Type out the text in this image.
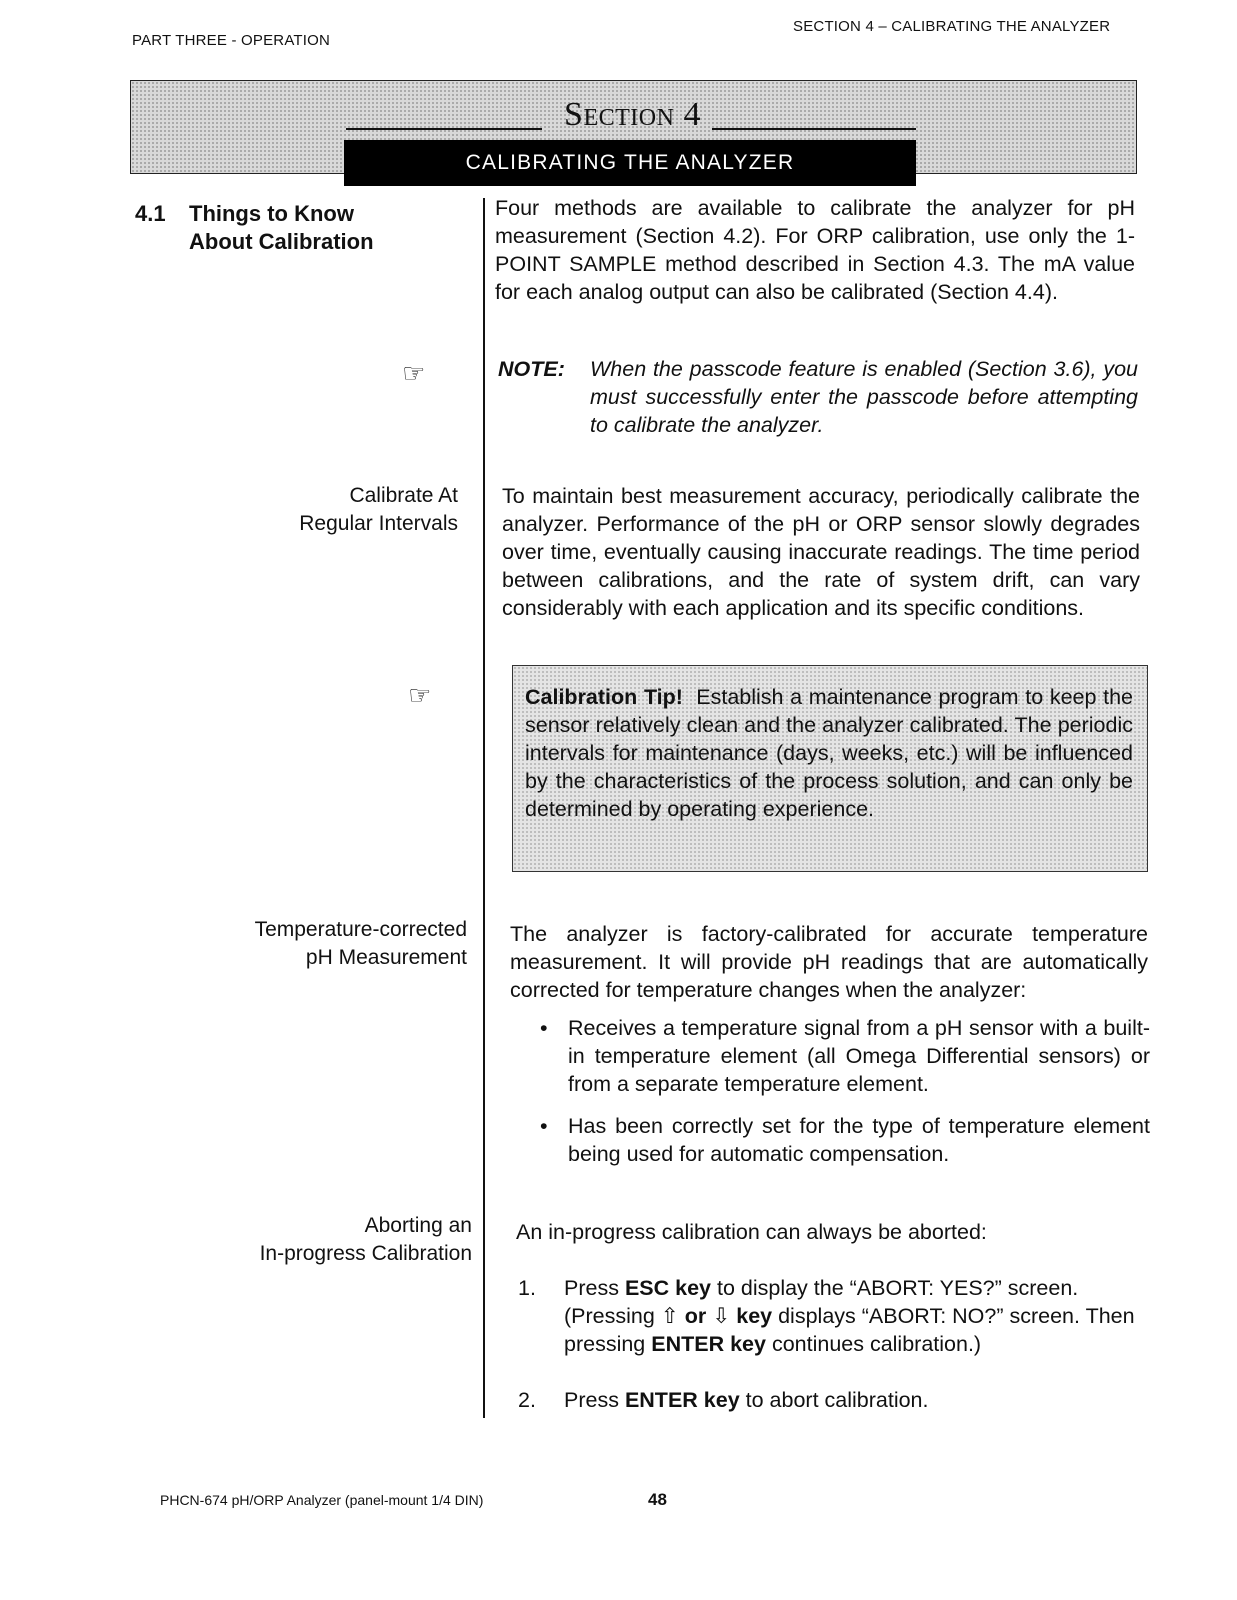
PART THREE - OPERATION
SECTION 4 – CALIBRATING THE ANALYZER
Section 4
CALIBRATING THE ANALYZER
4.1 Things to Know
About Calibration
Four methods are available to calibrate the analyzer for pH measurement (Section 4.2). For ORP calibration, use only the 1-POINT SAMPLE method described in Section 4.3. The mA value for each analog output can also be calibrated (Section 4.4).
☞	NOTE: When the passcode feature is enabled (Section 3.6), you must successfully enter the passcode before attempting to calibrate the analyzer.
Calibrate At
Regular Intervals
To maintain best measurement accuracy, periodically calibrate the analyzer. Performance of the pH or ORP sensor slowly degrades over time, eventually causing inaccurate readings. The time period between calibrations, and the rate of system drift, can vary considerably with each application and its specific conditions.
☞	Calibration Tip! Establish a maintenance program to keep the sensor relatively clean and the analyzer calibrated. The periodic intervals for maintenance (days, weeks, etc.) will be influenced by the characteristics of the process solution, and can only be determined by operating experience.
Temperature-corrected
pH Measurement
The analyzer is factory-calibrated for accurate temperature measurement. It will provide pH readings that are automatically corrected for temperature changes when the analyzer:
• Receives a temperature signal from a pH sensor with a built-in temperature element (all Omega Differential sensors) or from a separate temperature element.
• Has been correctly set for the type of temperature element being used for automatic compensation.
Aborting an
In-progress Calibration
An in-progress calibration can always be aborted:
1. Press ESC key to display the “ABORT: YES?” screen. (Pressing ⇧ or ⇩ key displays “ABORT: NO?” screen. Then pressing ENTER key continues calibration.)
2. Press ENTER key to abort calibration.
PHCN-674 pH/ORP Analyzer (panel-mount 1/4 DIN)	48
